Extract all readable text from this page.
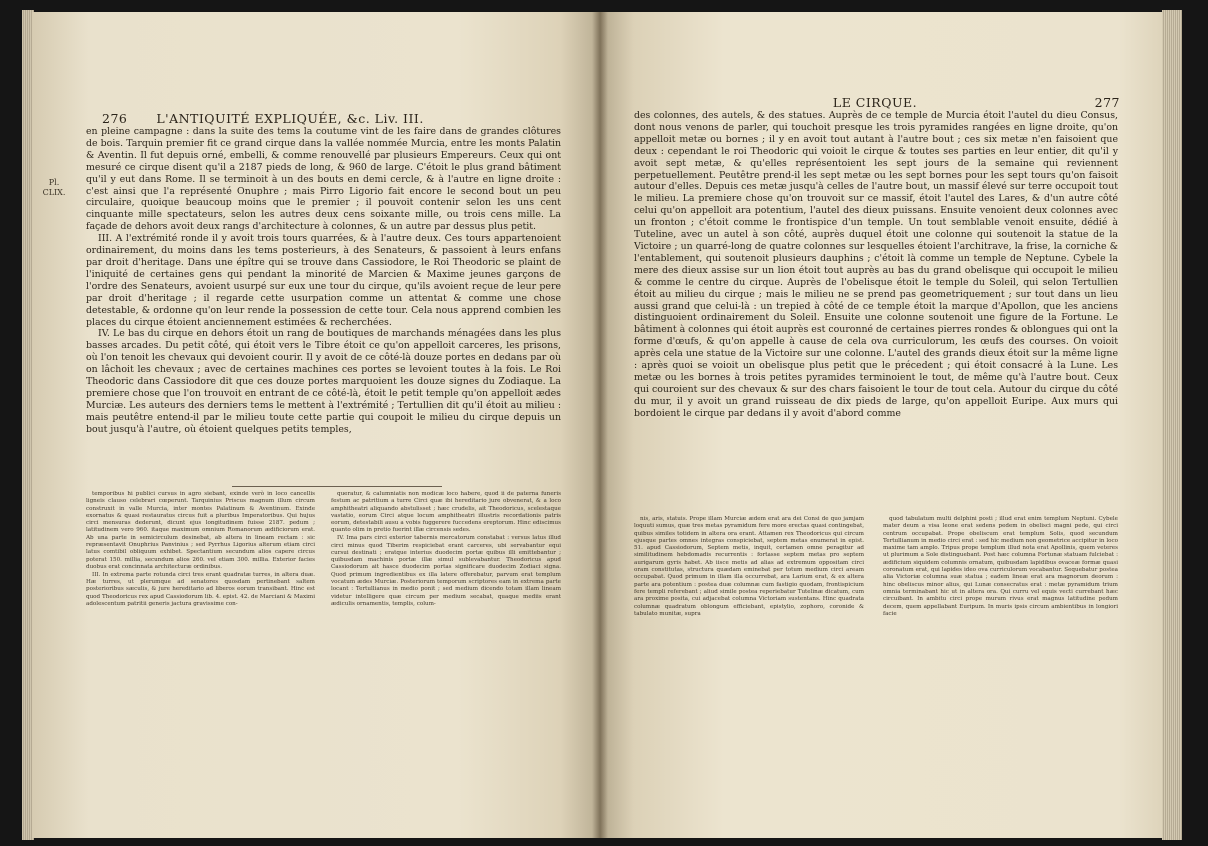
276 L'ANTIQUITÉ EXPLIQUÉE, &c. Liv. III.
Pl.
CLIX.

en pleine campagne : dans la suite des tems la coutume vint de les faire dans de grandes clôtures de bois. Tarquin premier fit ce grand cirque dans la vallée nommée Murcia, entre les monts Palatin & Aventin. Il fut depuis orné, embelli, & comme renouvellé par plusieurs Empereurs. Ceux qui ont mesuré ce cirque disent qu'il a 2187 pieds de long, & 960 de large. C'étoit le plus grand bâtiment qu'il y eut dans Rome. Il se terminoit à un des bouts en demi cercle, & à l'autre en ligne droite : c'est ainsi que l'a représenté Onuphre ; mais Pirro Ligorio fait encore le second bout un peu circulaire, quoique beaucoup moins que le premier ; il pouvoit contenir selon les uns cent cinquante mille spectateurs, selon les autres deux cens soixante mille, ou trois cens mille. La façade de dehors avoit deux rangs d'architecture à colonnes, & un autre par dessus plus petit.

III. A l'extrémité ronde il y avoit trois tours quarrées, & à l'autre deux. Ces tours appartenoient ordinairement, du moins dans les tems posterieurs, à des Senateurs, & passoient à leurs enfans par droit d'heritage. Dans une épître qui se trouve dans Cassiodore, le Roi Theodoric se plaint de l'iniquité de certaines gens qui pendant la minorité de Marcien & Maxime jeunes garçons de l'ordre des Senateurs, avoient usurpé sur eux une tour du cirque, qu'ils avoient reçue de leur pere par droit d'heritage ; il regarde cette usurpation comme un attentat & comme une chose detestable, & ordonne qu'on leur rende la possession de cette tour. Cela nous apprend combien les places du cirque étoient anciennement estimées & recherchées.

IV. Le bas du cirque en dehors étoit un rang de boutiques de marchands ménagées dans les plus basses arcades. Du petit côté, qui étoit vers le Tibre étoit ce qu'on appelloit carceres, les prisons, où l'on tenoit les chevaux qui devoient courir. Il y avoit de ce côté-là douze portes en dedans par où on lâchoit les chevaux ; avec de certaines machines ces portes se levoient toutes à la fois. Le Roi Theodoric dans Cassiodore dit que ces douze portes marquoient les douze signes du Zodiaque. La premiere chose que l'on trouvoit en entrant de ce côté-là, étoit le petit temple qu'on appelloit ædes Murciæ. Les auteurs des derniers tems le mettent à l'extrémité ; Tertullien dit qu'il étoit au milieu : mais peutêtre entend-il par le milieu toute cette partie qui coupoit le milieu du cirque depuis un bout jusqu'à l'autre, où étoient quelques petits temples,

temporibus hi publici cursus in agro siebant, exinde verò in loco cancellis ligneis clauso celebrari cœperunt. Tarquinius Priscus magnum illum circum construxit in valle Murcia, inter montes Palatinum & Aventinum. Exinde exornatus & quasi restauratus circus fuit a pluribus Imperatoribus. Qui hujus circi mensuras dederunt, dicunt ejus longitudinem fuisse 2187. pedum ; latitudinem vero 960. itaque maximum omnium Romanorum ædificiorum erat. Ab una parte in semicirculum desinebat, ab altera in lineam rectam : sic repræsentavit Onuphrius Panvinius ; sed Pyrrhus Ligorius alterum etiam circi latus comtibil obliquum exhibet. Spectantium secundum alios capere circus poterat 150. millia, secundum alios 260. vel etiam 300. millia. Exterior facies duobus erat concinnata architecturæ ordinibus.

III. In extrema parte rotunda circi tres erant quadratæ turres, in altera duæ. Hæ turres, ut plerumque ad senatores quosdam pertinebant saltem posterioribus sæculis, & jure hereditario ad liberos eorum transibant. Hinc est quod Theodoricus rex apud Cassiodorum lib. 4. epist. 42. de Marciani & Maximi adolescentum patritii generis jactura gravissime con-

queratur, & calumniatis non modicæ loco habere, quod ii de paterna funeris festum ac patritium a turre Circi quæ ibi hereditario jure obvenerat, & a loco amphitheatri aliquando abstulisset ; hæc crudelis, ait Theodoricus, scelestaque vastatio, eorum Circi atque locum amphitheatri illustris recordationis patris eorum, detestabili ausu a vobis fuggerere fuccedens ereptorum. Hinc ediscimus quanto olim in pretio fuerint illæ circensis sedes.

IV. Ima pars circi exterior tabernis mercatorum constabat : versus latus illud circi minus quod Tiberim respiciebat erant carceres, ubi servabantur equi cursui destinati ; eratque interius duodecim portæ quibus illi emittebantur ; quibusdam machinis portæ illæ simul sublevabantur. Theodoricus apud Cassiodorum ait hasce duodecim portas significare duodecim Zodiaci signa. Quod primum ingredientibus ex illa latere offerebatur, parvum erat templum vocatum ædes Murciæ. Posteriorum temporum scriptores eam in extrema parte locant : Tertullianus in medio ponit ; sed medium dicendo totam illam lineam videtur intelligere quæ circum per medium secabat, quaque mediis erant ædiculis ornamentis, templis, colum-

LE CIRQUE.	277

des colonnes, des autels, & des statues. Auprès de ce temple de Murcia étoit l'autel du dieu Consus, dont nous venons de parler, qui touchoit presque les trois pyramides rangées en ligne droite, qu'on appelloit metæ ou bornes ; il y en avoit tout autant à l'autre bout ; ces six metæ n'en faisoient que deux : cependant le roi Theodoric qui voioit le cirque & toutes ses parties en leur entier, dit qu'il y avoit sept metæ, & qu'elles représentoient les sept jours de la semaine qui reviennent perpetuellement. Peutêtre prend-il les sept metæ ou les sept bornes pour les sept tours qu'on faisoit autour d'elles. Depuis ces metæ jusqu'à celles de l'autre bout, un massif élevé sur terre occupoit tout le milieu. La premiere chose qu'on trouvoit sur ce massif, étoit l'autel des Lares, & d'un autre côté celui qu'on appelloit ara potentium, l'autel des dieux puissans. Ensuite venoient deux colonnes avec un fronton ; c'étoit comme le frontispice d'un temple. Un tout semblable venoit ensuite, dédié à Tuteline, avec un autel à son côté, auprès duquel étoit une colonne qui soutenoit la statue de la Victoire ; un quarré-long de quatre colonnes sur lesquelles étoient l'architrave, la frise, la corniche & l'entablement, qui soutenoit plusieurs dauphins ; c'étoit là comme un temple de Neptune. Cybele la mere des dieux assise sur un lion étoit tout auprès au bas du grand obelisque qui occupoit le milieu & comme le centre du cirque. Auprès de l'obelisque étoit le temple du Soleil, qui selon Tertullien étoit au milieu du cirque ; mais le milieu ne se prend pas geometriquement ; sur tout dans un lieu aussi grand que celui-là : un trepied à côté de ce temple étoit la marque d'Apollon, que les anciens distinguoient ordinairement du Soleil. Ensuite une colonne soutenoit une figure de la Fortune. Le bâtiment à colonnes qui étoit auprès est couronné de certaines pierres rondes & oblongues qui ont la forme d'œufs, & qu'on appelle à cause de cela ova curriculorum, les œufs des courses. On voioit après cela une statue de la Victoire sur une colonne. L'autel des grands dieux étoit sur la même ligne : après quoi se voioit un obelisque plus petit que le précedent ; qui étoit consacré à la Lune. Les metæ ou les bornes à trois petites pyramides terminoient le tout, de même qu'à l'autre bout. Ceux qui couroient sur des chevaux & sur des chars faisoient le tour de tout cela. Autour du cirque du côté du mur, il y avoit un grand ruisseau de dix pieds de large, qu'on appelloit Euripe. Aux murs qui bordoient le cirque par dedans il y avoit d'abord comme

nis, aris, statuis. Prope illam Murciæ ædem erat ara dei Consi de quo jamjam loquuti sumus, quæ tres metas pyramidum fere more erectas quasi contingebat, quibus similes totidem in altera ora erant. Attamen rex Theodoricus qui circum ejusque partes omnes integras conspiciebat, septem metas enumerat in epist. 51. apud Cassiodorum, Septem metis, inquit, certamen omne peragitur ad similitudinem hebdomadis recurrentis : fortasse septem metas pro septem aurigarum gyris habet. Ab iisce metis ad alias ad extremum oppositam circi oram constitutas, structura quædam eminebat per totum medium circi aream occupabat. Quod primum in illam illa occurrebat, ara Larium erat, & ex altera parte ara potentium : postea duæ columnæ cum fastigio quodam, frontispicium fere templi referebant ; aliud simile postea reperiebatur Tutelinæ dicatum, cum ara proxime posita, cui adjacebat columna Victoriam sustentans. Hinc quadrata columnæ quadratum oblongum efficiebant, epistylio, zophoro, coronide & tabulato munitæ, supra

quod tabulatum multi delphini posti ; illud erat enim templum Neptuni. Cybele mater deum a visa leone erat sedens pedem in obelisci magni pede, qui circi centrum occupabat. Prope obeliscum erat templum Solis, quod secundum Tertullianum in medio circi erat : sed hic medium non geometrice accipitur in loco maxime tam amplo. Tripus prope templum illud nota erat Apollinis, quem veteres ut plurimum a Sole distinguebant. Post hæc columna Fortunæ statuam fulciebat : ædificium siquidem columnis ornatum, quibusdam lapidibus ovaceæ formæ quasi coronatum erat, qui lapides ideo ova curriculorum vocabantur. Sequebatur postea alia Victoriæ columna suæ statua ; eadem lineæ erat ara magnorum deorum : hinc obeliscus minor alius, qui Lunæ consecratus erat : metæ pyramidum trium omnia terminabant hic ut in altera ora. Qui curru vel equis vecti currebant hæc circuibant. In ambitu circi prope murum rivus erat magnus latitudine pedum decem, quem appellabant Euripum. In muris ipsis circum ambientibus in longiori facie
